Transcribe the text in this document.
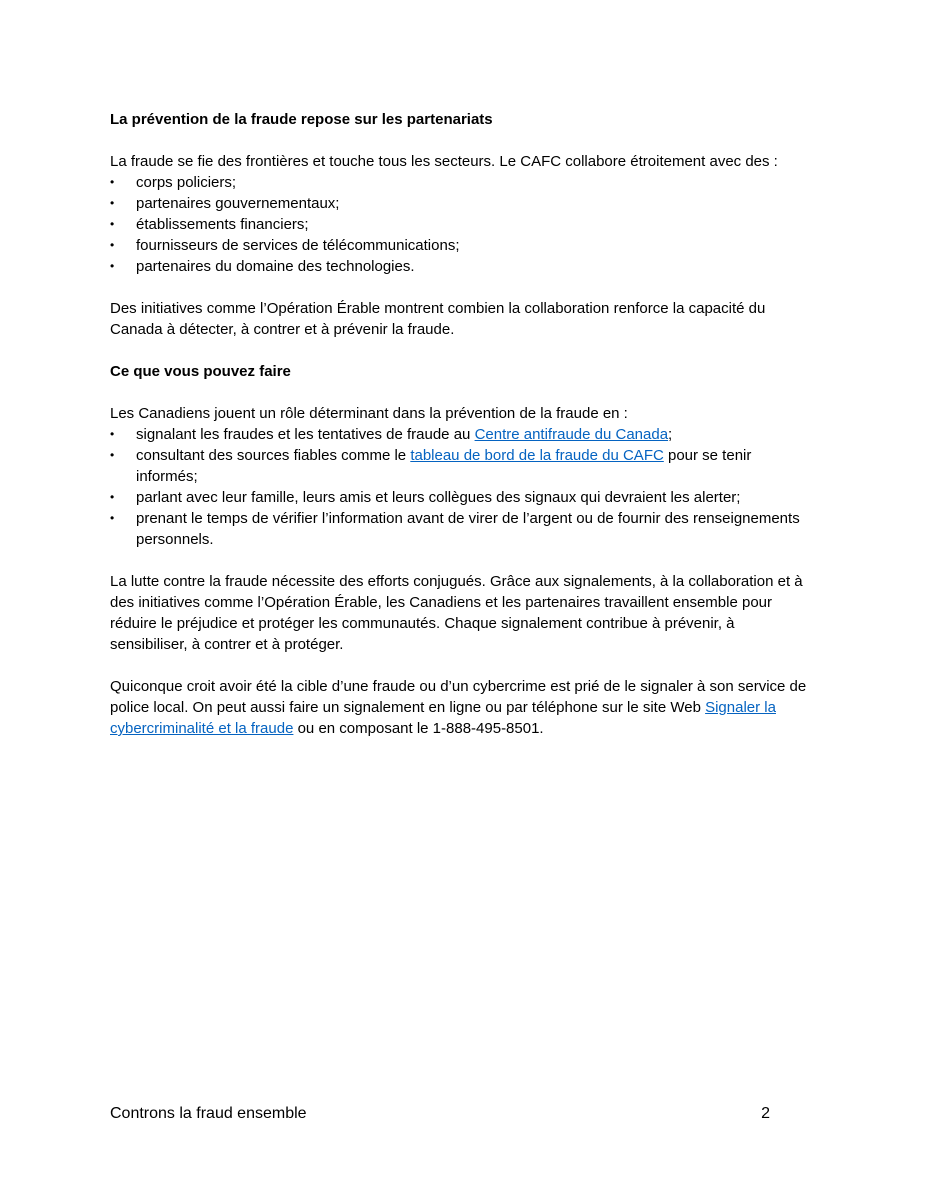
La prévention de la fraude repose sur les partenariats

La fraude se fie des frontières et touche tous les secteurs. Le CAFC collabore étroitement avec des :

•	corps policiers;
•	partenaires gouvernementaux;
•	établissements financiers;
•	fournisseurs de services de télécommunications;
•	partenaires du domaine des technologies.

Des initiatives comme l’Opération Érable montrent combien la collaboration renforce la capacité du Canada à détecter, à contrer et à prévenir la fraude.

Ce que vous pouvez faire

Les Canadiens jouent un rôle déterminant dans la prévention de la fraude en :

•	signalant les fraudes et les tentatives de fraude au Centre antifraude du Canada;
•	consultant des sources fiables comme le tableau de bord de la fraude du CAFC pour se tenir informés;
•	parlant avec leur famille, leurs amis et leurs collègues des signaux qui devraient les alerter;
•	prenant le temps de vérifier l’information avant de virer de l’argent ou de fournir des renseignements personnels.

La lutte contre la fraude nécessite des efforts conjugués. Grâce aux signalements, à la collaboration et à des initiatives comme l’Opération Érable, les Canadiens et les partenaires travaillent ensemble pour réduire le préjudice et protéger les communautés. Chaque signalement contribue à prévenir, à sensibiliser, à contrer et à protéger.

Quiconque croit avoir été la cible d’une fraude ou d’un cybercrime est prié de le signaler à son service de police local. On peut aussi faire un signalement en ligne ou par téléphone sur le site Web Signaler la cybercriminalité et la fraude ou en composant le 1-888-495-8501.

Controns la fraud ensemble	2
